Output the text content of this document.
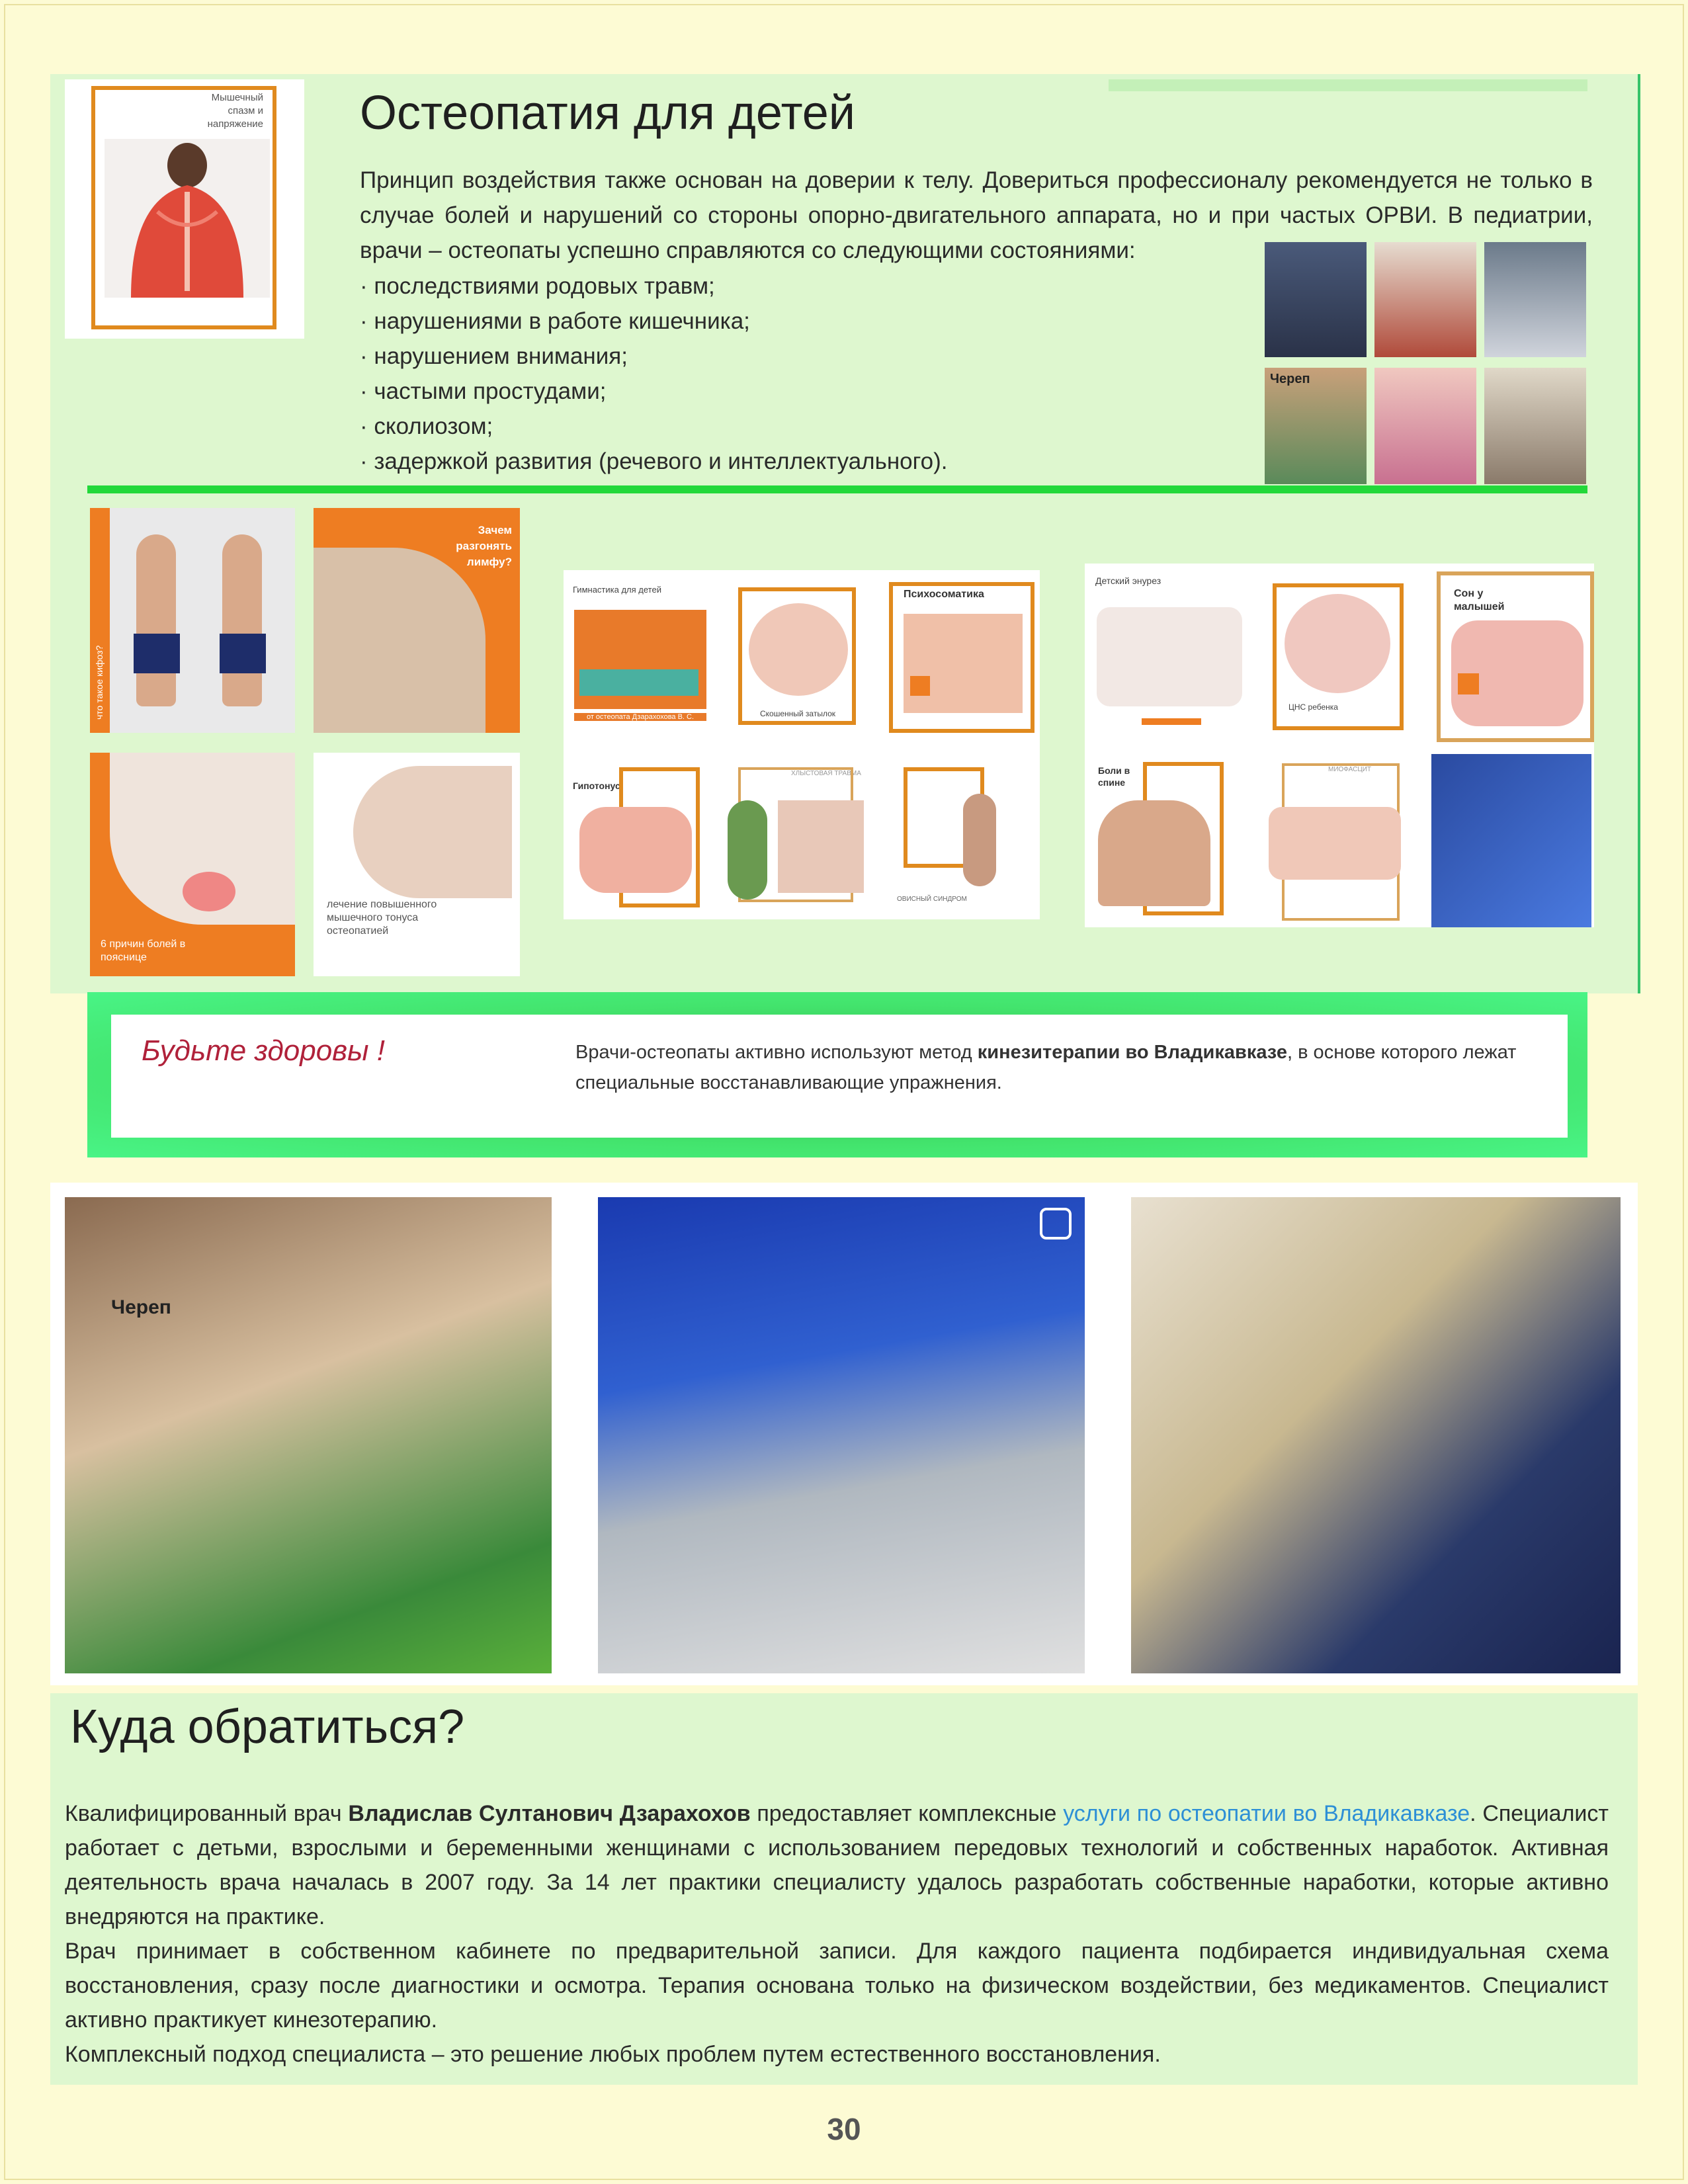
Мышечный спазм и напряжение Остеопатия для детей
Принцип воздействия также основан на доверии к телу. Довериться профессионалу рекомендуется не только в случае болей и нарушений со стороны опорно-двигательного аппарата, но и при частых ОРВИ. В педиатрии, врачи – остеопаты успешно справляются со следующими состояниями:
· последствиями родовых травм;
· нарушениями в работе кишечника;
· нарушением внимания;
· частыми простудами;
· сколиозом;
· задержкой развития (речевого и интеллектуального).
Череп
что такое кифоз?
Зачем разгонять лимфу?
6 причин болей в пояснице
лечение повышенного мышечного тонуса остеопатией
Гимнастика для детей
от остеопата Дзарахохова В. С.	Скошенный затылок
Психосоматика
Гипотонус
ХЛЫСТОВАЯ ТРАВМА
ОВИСНЫЙ СИНДРОМ
Детский энурез
ЦНС ребенка
Сон у малышей
Боли в спине
МИОФАСЦИТ
Будьте здоровы !	Врачи-остеопаты активно используют метод кинезитерапии во Владикавказе, в основе которого лежат специальные восстанавливающие упражнения.
Череп
Куда обратиться?
Квалифицированный врач Владислав Султанович Дзарахохов предоставляет комплексные услуги по остеопатии во Владикавказе. Специалист работает с детьми, взрослыми и беременными женщинами с использованием передовых технологий и собственных наработок. Активная деятельность врача началась в 2007 году. За 14 лет практики специалисту удалось разработать собственные наработки, которые активно внедряются на практике.
Врач принимает в собственном кабинете по предварительной записи. Для каждого пациента подбирается индивидуальная схема восстановления, сразу после диагностики и осмотра. Терапия основана только на физическом воздействии, без медикаментов. Специалист активно практикует кинезотерапию.
Комплексный подход специалиста – это решение любых проблем путем естественного восстановления.
30
